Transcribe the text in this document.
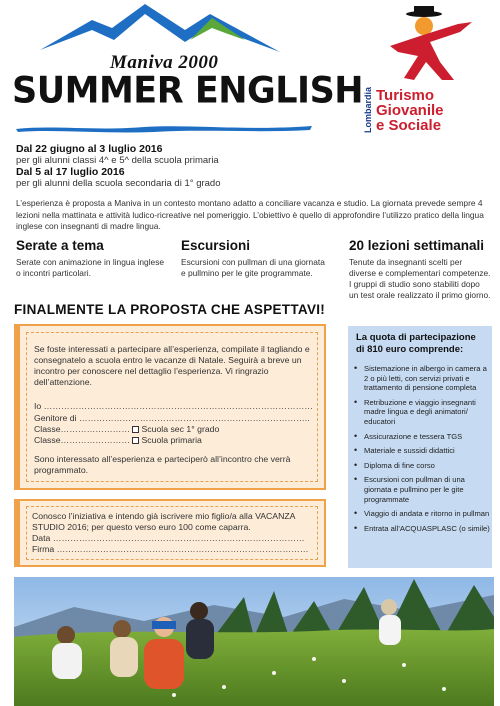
Maniva 2000
SUMMER ENGLISH Lombardia Turismo
Giovanile
e Sociale
Dal 22 giugno al 3 luglio 2016
per gli alunni classi 4^ e 5^ della scuola primaria
Dal 5 al 17 luglio 2016
per gli alunni della scuola secondaria di 1° grado
L’esperienza è proposta a Maniva in un contesto montano adatto a conciliare vacanza e studio. La giornata prevede sempre 4 lezioni nella mattinata e attività ludico-ricreative nel pomeriggio. L’obiettivo è quello di approfondire l’utilizzo pratico della lingua inglese con insegnanti di madre lingua.
Serate a tema
Serate con animazione in lingua inglese o incontri particolari.
Escursioni
Escursioni con pullman di una giornata e pullmino per le gite programmate.
20 lezioni settimanali
Tenute da insegnanti scelti per diverse e complementari competenze. I gruppi di studio sono stabiliti dopo un test orale realizzato il primo giorno.
FINALMENTE LA PROPOSTA CHE ASPETTAVI!
Se foste interessati a partecipare all’esperienza, compilate il tagliando e consegnatelo a scuola entro le vacanze di Natale. Seguirà a breve un incontro per conoscere nel dettaglio l’esperienza. Vi ringrazio dell’attenzione.
Io …………………………………………………………………………………
Genitore di ……………………………………………………………………..
Classe…………………… Scuola sec 1° grado
Classe…………………… Scuola primaria
Sono interessato all’esperienza e parteciperò all’incontro che verrà programmato.
Conosco l’iniziativa e intendo già iscrivere mio figlio/a alla VACANZA STUDIO 2016; per questo verso euro 100 come caparra.
Data ……………………………………………………………………………
Firma ……………………………………………………………………………
La quota di partecipazione di 810 euro comprende:
• Sistemazione in albergo in camera a 2 o più letti, con servizi privati e trattamento di pensione completa
• Retribuzione e viaggio insegnanti madre lingua e degli animatori/ educatori
• Assicurazione e tessera TGS
• Materiale e sussidi didattici
• Diploma di fine corso
• Escursioni con pullman di una giornata e pullmino per le gite programmate
• Viaggio di andata e ritorno in pullman
• Entrata all’ACQUASPLASC (o simile)
